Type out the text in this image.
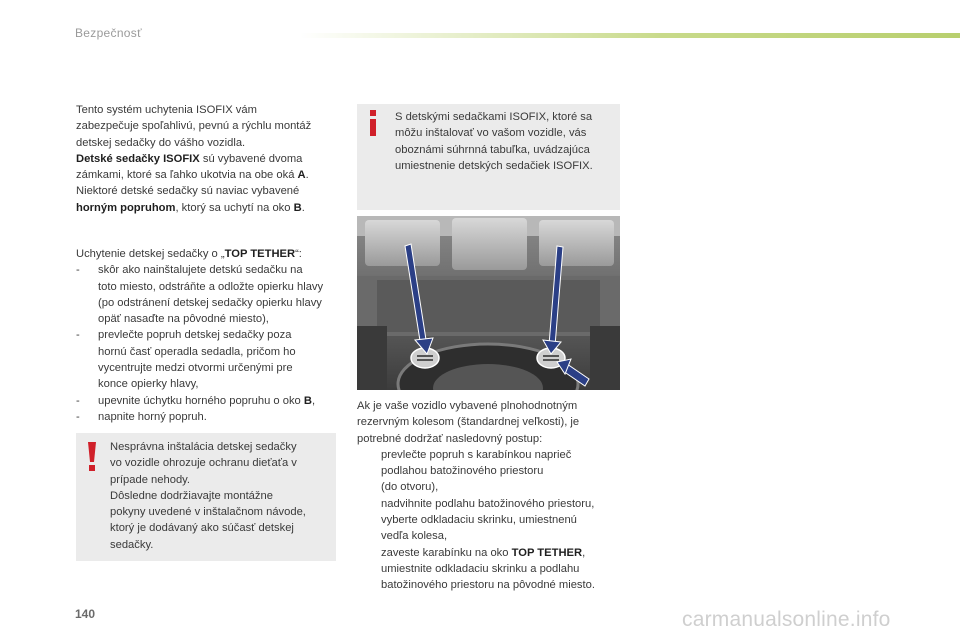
Bezpečnosť
Tento systém uchytenia ISOFIX vám
zabezpečuje spoľahlivú, pevnú a rýchlu montáž
detskej sedačky do vášho vozidla.
Detské sedačky ISOFIX sú vybavené dvoma
zámkami, ktoré sa ľahko ukotvia na obe oká A.
Niektoré detské sedačky sú naviac vybavené
horným popruhom, ktorý sa uchytí na oko B.
Uchytenie detskej sedačky o „TOP TETHER“:
- skôr ako nainštalujete detskú sedačku na
toto miesto, odstráňte a odložte opierku hlavy
(po odstránení detskej sedačky opierku hlavy
opäť nasaďte na pôvodné miesto),
- prevlečte popruh detskej sedačky poza
hornú časť operadla sedadla, pričom ho
vycentrujte medzi otvormi určenými pre
konce opierky hlavy,
- upevnite úchytku horného popruhu o oko B,
- napnite horný popruh.
Nesprávna inštalácia detskej sedačky
vo vozidle ohrozuje ochranu dieťaťa v
prípade nehody.
Dôsledne dodržiavajte montážne
pokyny uvedené v inštalačnom návode,
ktorý je dodávaný ako súčasť detskej
sedačky.
S detskými sedačkami ISOFIX, ktoré sa
môžu inštalovať vo vašom vozidle, vás
oboznámi súhrnná tabuľka, uvádzajúca
umiestnenie detských sedačiek ISOFIX.
Ak je vaše vozidlo vybavené plnohodnotným
rezervným kolesom (štandardnej veľkosti), je
potrebné dodržať nasledovný postup:
prevlečte popruh s karabínkou naprieč
podlahou batožinového priestoru
(do otvoru),
nadvihnite podlahu batožinového priestoru,
vyberte odkladaciu skrinku, umiestnenú
vedľa kolesa,
zaveste karabínku na oko TOP TETHER,
umiestnite odkladaciu skrinku a podlahu
batožinového priestoru na pôvodné miesto.
140	carmanualsonline.info
